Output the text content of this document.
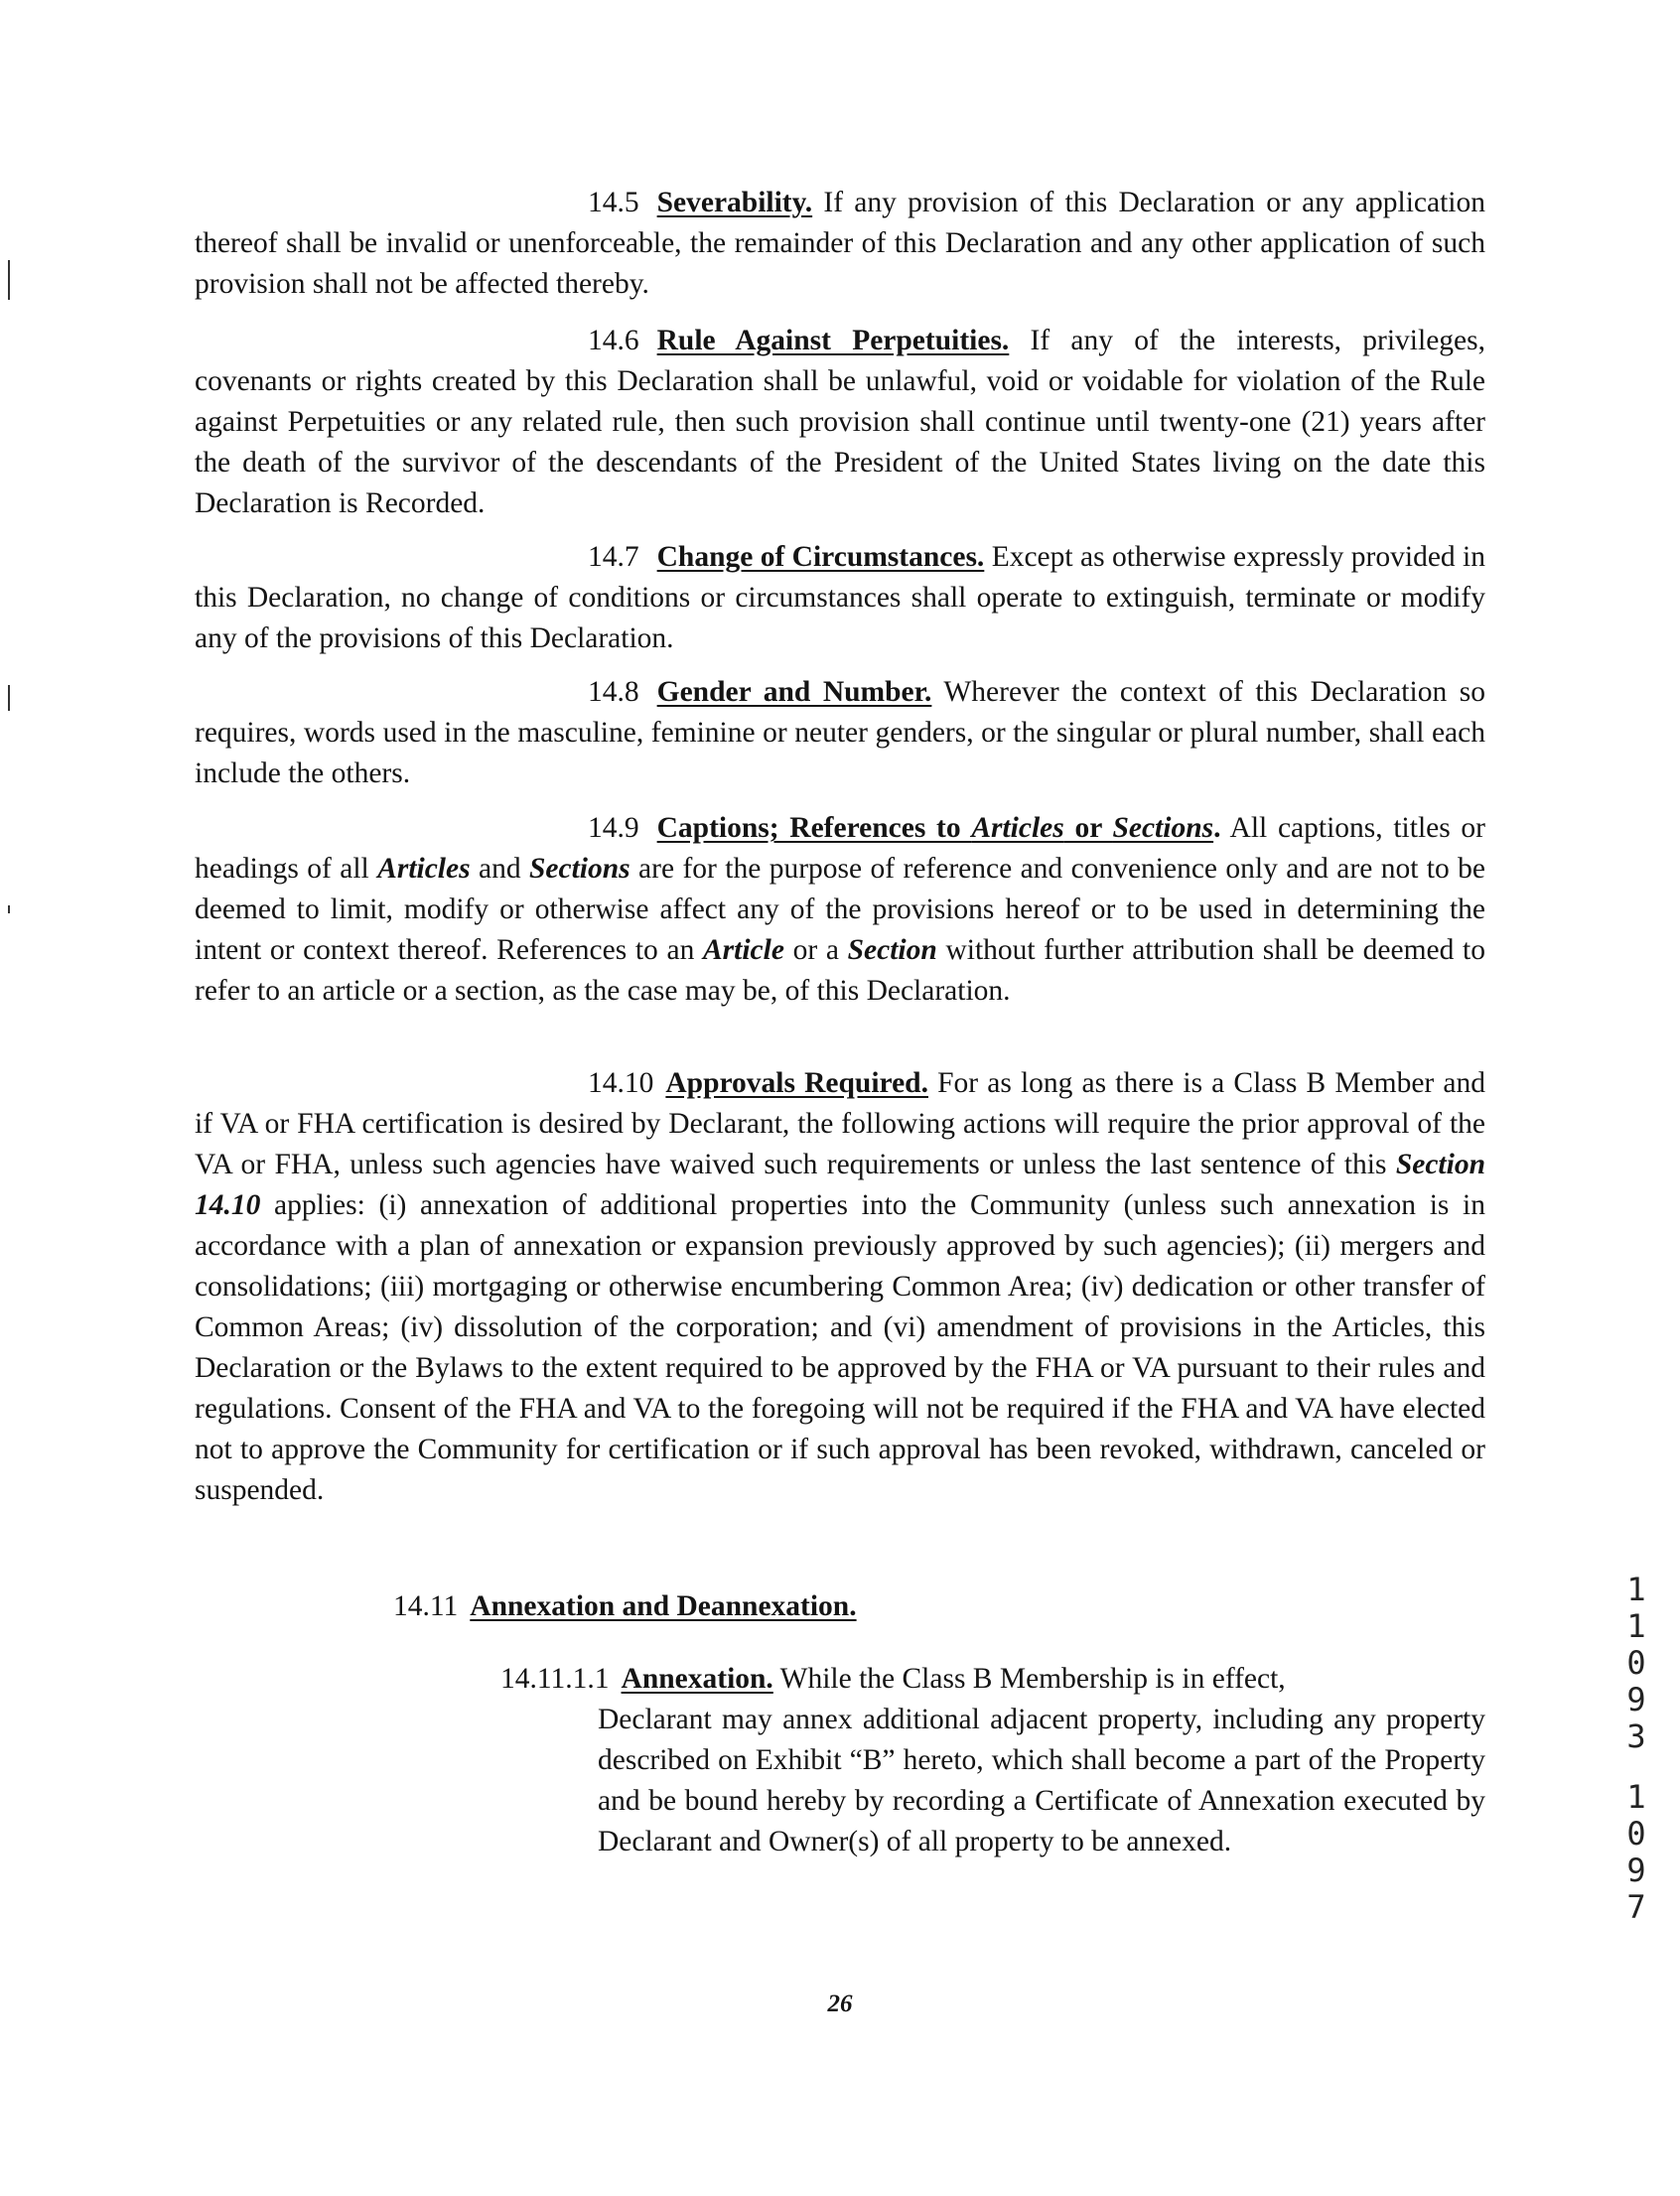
14.5 Severability. If any provision of this Declaration or any application thereof shall be invalid or unenforceable, the remainder of this Declaration and any other application of such provision shall not be affected thereby.

14.6 Rule Against Perpetuities. If any of the interests, privileges, covenants or rights created by this Declaration shall be unlawful, void or voidable for violation of the Rule against Perpetuities or any related rule, then such provision shall continue until twenty-one (21) years after the death of the survivor of the descendants of the President of the United States living on the date this Declaration is Recorded.

14.7 Change of Circumstances. Except as otherwise expressly provided in this Declaration, no change of conditions or circumstances shall operate to extinguish, terminate or modify any of the provisions of this Declaration.

14.8 Gender and Number. Wherever the context of this Declaration so requires, words used in the masculine, feminine or neuter genders, or the singular or plural number, shall each include the others.

14.9 Captions; References to Articles or Sections. All captions, titles or headings of all Articles and Sections are for the purpose of reference and convenience only and are not to be deemed to limit, modify or otherwise affect any of the provisions hereof or to be used in determining the intent or context thereof. References to an Article or a Section without further attribution shall be deemed to refer to an article or a section, as the case may be, of this Declaration.

14.10 Approvals Required. For as long as there is a Class B Member and if VA or FHA certification is desired by Declarant, the following actions will require the prior approval of the VA or FHA, unless such agencies have waived such requirements or unless the last sentence of this Section 14.10 applies: (i) annexation of additional properties into the Community (unless such annexation is in accordance with a plan of annexation or expansion previously approved by such agencies); (ii) mergers and consolidations; (iii) mortgaging or otherwise encumbering Common Area; (iv) dedication or other transfer of Common Areas; (iv) dissolution of the corporation; and (vi) amendment of provisions in the Articles, this Declaration or the Bylaws to the extent required to be approved by the FHA or VA pursuant to their rules and regulations. Consent of the FHA and VA to the foregoing will not be required if the FHA and VA have elected not to approve the Community for certification or if such approval has been revoked, withdrawn, canceled or suspended.

14.11 Annexation and Deannexation.

14.11.1.1 Annexation. While the Class B Membership is in effect,

Declarant may annex additional adjacent property, including any property described on Exhibit “B” hereto, which shall become a part of the Property and be bound hereby by recording a Certificate of Annexation executed by Declarant and Owner(s) of all property to be annexed.

1
1
0
9
3
1
0
9
7
26
